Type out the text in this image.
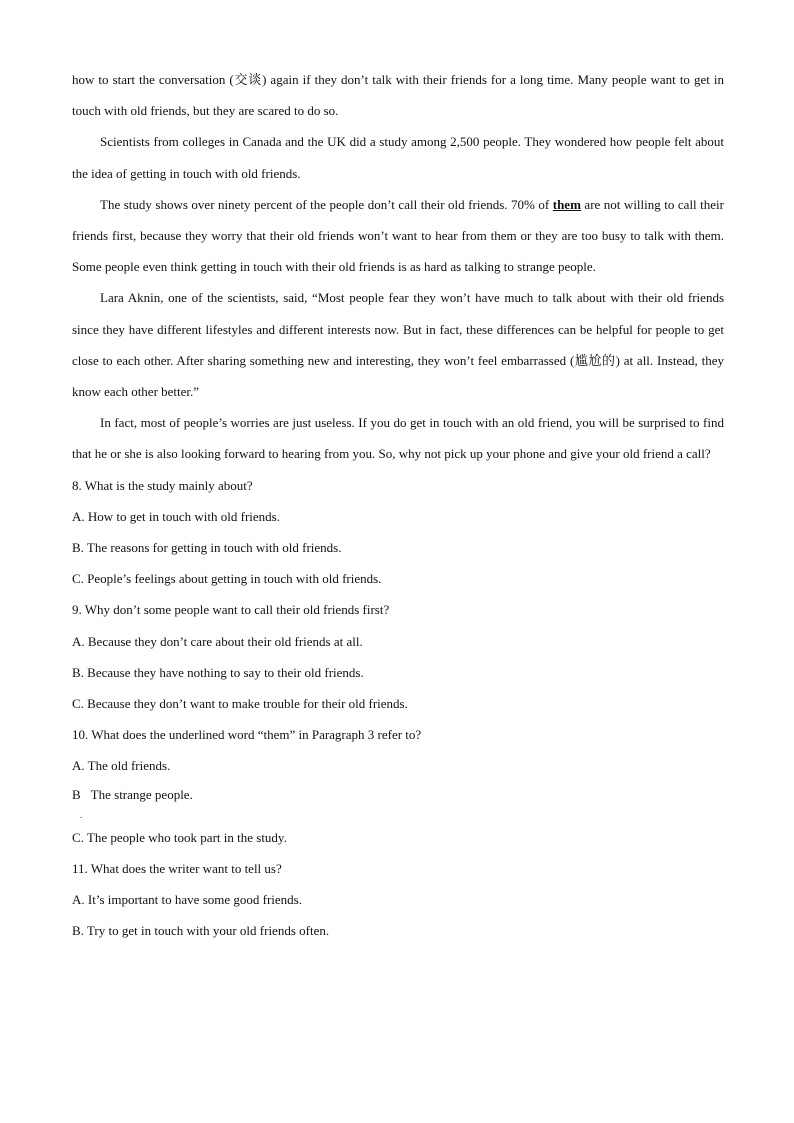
how to start the conversation (交谈) again if they don’t talk with their friends for a long time. Many people want to get in touch with old friends, but they are scared to do so.
Scientists from colleges in Canada and the UK did a study among 2,500 people. They wondered how people felt about the idea of getting in touch with old friends.
The study shows over ninety percent of the people don’t call their old friends. 70% of them are not willing to call their friends first, because they worry that their old friends won’t want to hear from them or they are too busy to talk with them. Some people even think getting in touch with their old friends is as hard as talking to strange people.
Lara Aknin, one of the scientists, said, “Most people fear they won’t have much to talk about with their old friends since they have different lifestyles and different interests now. But in fact, these differences can be helpful for people to get close to each other. After sharing something new and interesting, they won’t feel embarrassed (尴尬的) at all. Instead, they know each other better.”
In fact, most of people’s worries are just useless. If you do get in touch with an old friend, you will be surprised to find that he or she is also looking forward to hearing from you. So, why not pick up your phone and give your old friend a call?
8. What is the study mainly about?
A. How to get in touch with old friends.
B. The reasons for getting in touch with old friends.
C. People’s feelings about getting in touch with old friends.
9. Why don’t some people want to call their old friends first?
A. Because they don’t care about their old friends at all.
B. Because they have nothing to say to their old friends.
C. Because they don’t want to make trouble for their old friends.
10. What does the underlined word “them” in Paragraph 3 refer to?
A. The old friends.
B The strange people.
.
C. The people who took part in the study.
11. What does the writer want to tell us?
A. It’s important to have some good friends.
B. Try to get in touch with your old friends often.
